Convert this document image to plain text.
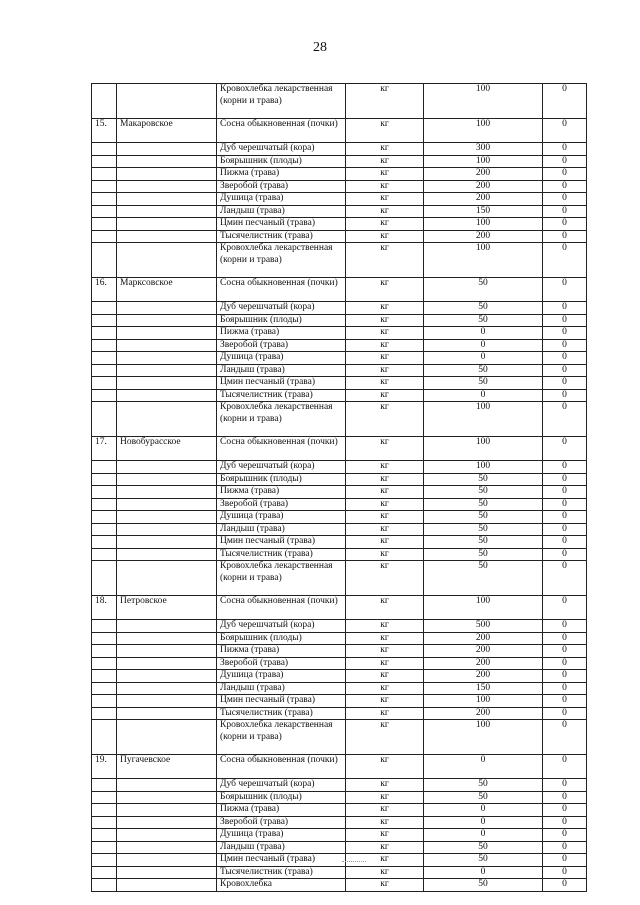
28
		Кровохлебка лекарственная (корни и трава)	кг	100	0
15.	Макаровское	Сосна обыкновенная (почки)	кг	100	0
		Дуб черешчатый (кора)	кг	300	0
		Боярышник (плоды)	кг	100	0
		Пижма (трава)	кг	200	0
		Зверобой (трава)	кг	200	0
		Душица (трава)	кг	200	0
		Ландыш (трава)	кг	150	0
		Цмин песчаный (трава)	кг	100	0
		Тысячелистник (трава)	кг	200	0
		Кровохлебка лекарственная (корни и трава)	кг	100	0
16.	Марксовское	Сосна обыкновенная (почки)	кг	50	0
		Дуб черешчатый (кора)	кг	50	0
		Боярышник (плоды)	кг	50	0
		Пижма (трава)	кг	0	0
		Зверобой (трава)	кг	0	0
		Душица (трава)	кг	0	0
		Ландыш (трава)	кг	50	0
		Цмин песчаный (трава)	кг	50	0
		Тысячелистник (трава)	кг	0	0
		Кровохлебка лекарственная (корни и трава)	кг	100	0
17.	Новобурасское	Сосна обыкновенная (почки)	кг	100	0
		Дуб черешчатый (кора)	кг	100	0
		Боярышник (плоды)	кг	50	0
		Пижма (трава)	кг	50	0
		Зверобой (трава)	кг	50	0
		Душица (трава)	кг	50	0
		Ландыш (трава)	кг	50	0
		Цмин песчаный (трава)	кг	50	0
		Тысячелистник (трава)	кг	50	0
		Кровохлебка лекарственная (корни и трава)	кг	50	0
18.	Петровское	Сосна обыкновенная (почки)	кг	100	0
		Дуб черешчатый (кора)	кг	500	0
		Боярышник (плоды)	кг	200	0
		Пижма (трава)	кг	200	0
		Зверобой (трава)	кг	200	0
		Душица (трава)	кг	200	0
		Ландыш (трава)	кг	150	0
		Цмин песчаный (трава)	кг	100	0
		Тысячелистник (трава)	кг	200	0
		Кровохлебка лекарственная (корни и трава)	кг	100	0
19.	Пугачевское	Сосна обыкновенная (почки)	кг	0	0
		Дуб черешчатый (кора)	кг	50	0
		Боярышник (плоды)	кг	50	0
		Пижма (трава)	кг	0	0
		Зверобой (трава)	кг	0	0
		Душица (трава)	кг	0	0
		Ландыш (трава)	кг	50	0
		Цмин песчаный (трава)	кг	50	0
		Тысячелистник (трава)	кг	0	0
		Кровохлебка	кг	50	0
